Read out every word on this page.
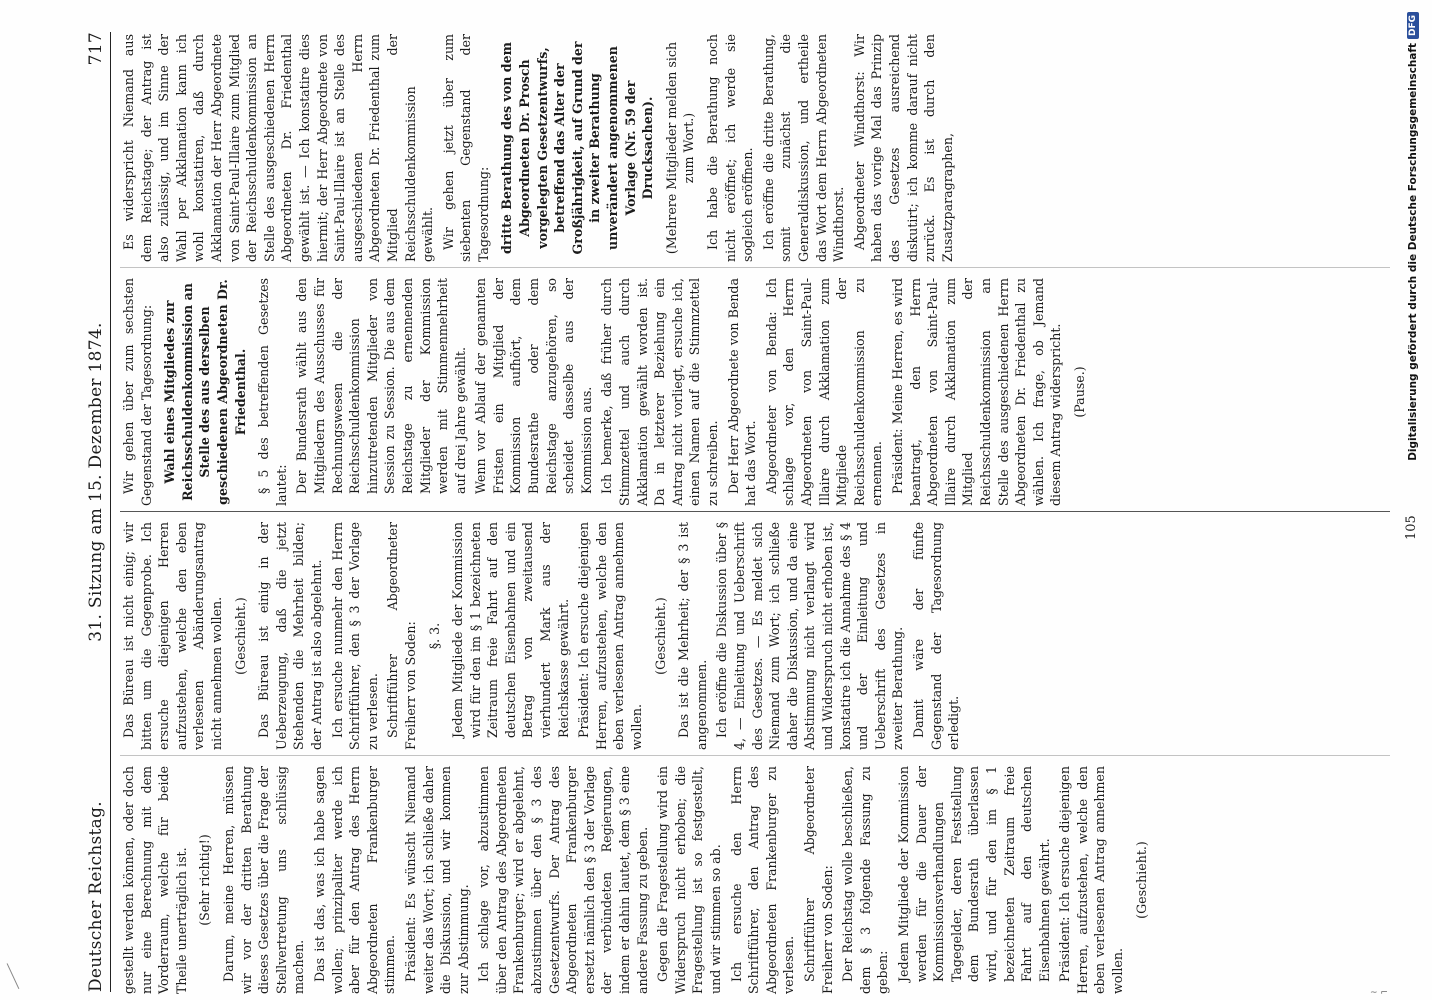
Deutscher Reichstag.
31. Sitzung am 15. Dezember 1874.
717

gestellt werden können, oder doch nur eine Berechnung mit dem Vorderraum, welche für beide Theile unerträglich ist. (Sehr richtig!) Darum, meine Herren, müssen wir vor der dritten Berathung dieses Gesetzes über die Frage der Stellvertretung uns schlüssig machen. Das ist das, was ich habe sagen wollen; prinzipaliter werde ich aber für den Antrag des Herrn Abgeordneten Frankenburger stimmen. Präsident: Es wünscht Niemand weiter das Wort; ich schließe daher die Diskussion, und wir kommen zur Abstimmung. Ich schlage vor, abzustimmen über den Antrag des Abgeordneten Frankenburger; wird er abgelehnt, abzustimmen über den § 3 des Gesetzentwurfs. Der Antrag des Abgeordneten Frankenburger ersetzt nämlich den § 3 der Vorlage der verbündeten Regierungen, indem er dahin lautet, dem § 3 eine andere Fassung zu geben. Gegen die Fragestellung wird ein Widerspruch nicht erhoben; die Fragestellung ist so festgestellt, und wir stimmen so ab. Ich ersuche den Herrn Schriftführer, den Antrag des Abgeordneten Frankenburger zu verlesen. Schriftführer Abgeordneter Freiherr von Soden: Der Reichstag wolle beschließen, dem § 3 folgende Fassung zu geben: Jedem Mitgliede der Kommission werden für die Dauer der Kommissionsverhandlungen Tagegelder, deren Feststellung dem Bundesrath überlassen wird, und für den im § 1 bezeichneten Zeitraum freie Fahrt auf den deutschen Eisenbahnen gewährt. Präsident: Ich ersuche diejenigen Herren, aufzustehen, welche den eben verlesenen Antrag annehmen wollen.

(Geschieht.)

Das Büreau ist nicht einig; wir bitten um die Gegenprobe. Ich ersuche diejenigen Herren aufzustehen, welche den eben verlesenen Abänderungsantrag nicht annehmen wollen. (Geschieht.) Das Büreau ist einig in der Ueberzeugung, daß die jetzt Stehenden die Mehrheit bilden; der Antrag ist also abgelehnt. Ich ersuche nunmehr den Herrn Schriftführer, den § 3 der Vorlage zu verlesen. Schriftführer Abgeordneter Freiherr von Soden: §. 3. Jedem Mitgliede der Kommission wird für den im § 1 bezeichneten Zeitraum freie Fahrt auf den deutschen Eisenbahnen und ein Betrag von zweitausend vierhundert Mark aus der Reichskasse gewährt. Präsident: Ich ersuche diejenigen Herren, aufzustehen, welche den eben verlesenen Antrag annehmen wollen.

(Geschieht.) Das ist die Mehrheit; der § 3 ist angenommen. Ich eröffne die Diskussion über § 4, — Einleitung und Ueberschrift des Gesetzes. — Es meldet sich Niemand zum Wort; ich schließe daher die Diskussion, und da eine Abstimmung nicht verlangt wird und Widerspruch nicht erhoben ist, konstatire ich die Annahme des § 4 und der Einleitung und Ueberschrift des Gesetzes in zweiter Berathung. Damit wäre der fünfte Gegenstand der Tagesordnung erledigt.

Wir gehen über zum sechsten Gegenstand der Tagesordnung: Wahl eines Mitgliedes zur Reichsschuldenkommission an Stelle des aus derselben geschiedenen Abgeordneten Dr. Friedenthal. § 5 des betreffenden Gesetzes lautet: Der Bundesrath wählt aus den Mitgliedern des Ausschusses für Rechnungswesen die der Reichsschuldenkommission hinzutretenden Mitglieder von Session zu Session. Die aus dem Reichstage zu ernennenden Mitglieder der Kommission werden mit Stimmenmehrheit auf drei Jahre gewählt. Wenn vor Ablauf der genannten Fristen ein Mitglied der Kommission aufhört, dem Bundesrathe oder dem Reichstage anzugehören, so scheidet dasselbe aus der Kommission aus. Ich bemerke, daß früher durch Stimmzettel und auch durch Akklamation gewählt worden ist. Da in letzterer Beziehung ein Antrag nicht vorliegt, ersuche ich, einen Namen auf die Stimmzettel zu schreiben. Der Herr Abgeordnete von Benda hat das Wort. Abgeordneter von Benda: Ich schlage vor, den Herrn Abgeordneten von Saint-Paul-Illaire durch Akklamation zum Mitgliede der Reichsschuldenkommission zu ernennen. Präsident: Meine Herren, es wird beantragt, den Herrn Abgeordneten von Saint-Paul-Illaire durch Akklamation zum Mitglied der Reichsschuldenkommission an Stelle des ausgeschiedenen Herrn Abgeordneten Dr. Friedenthal zu wählen. Ich frage, ob Jemand diesem Antrag widerspricht. (Pause.)

Es widerspricht Niemand aus dem Reichstage; der Antrag ist also zulässig, und im Sinne der Wahl per Akklamation kann ich wohl konstatiren, daß durch Akklamation der Herr Abgeordnete von Saint-Paul-Illaire zum Mitglied der Reichsschuldenkommission an Stelle des ausgeschiedenen Herrn Abgeordneten Dr. Friedenthal gewählt ist. — Ich konstatire dies hiermit; der Herr Abgeordnete von Saint-Paul-Illaire ist an Stelle des ausgeschiedenen Herrn Abgeordneten Dr. Friedenthal zum Mitglied der Reichsschuldenkommission gewählt. Wir gehen jetzt über zum siebenten Gegenstand der Tagesordnung: dritte Berathung des von dem Abgeordneten Dr. Prosch vorgelegten Gesetzentwurfs, betreffend das Alter der Großjährigkeit, auf Grund der in zweiter Berathung unverändert angenommenen Vorlage (Nr. 59 der Drucksachen). (Mehrere Mitglieder melden sich zum Wort.) Ich habe die Berathung noch nicht eröffnet; ich werde sie sogleich eröffnen. Ich eröffne die dritte Berathung, somit zunächst die Generaldiskussion, und ertheile das Wort dem Herrn Abgeordneten Windthorst. Abgeordneter Windthorst: Wir haben das vorige Mal das Prinzip des Gesetzes ausreichend diskutirt; ich komme darauf nicht zurück. Es ist durch den Zusatzparagraphen,

105
Digitalisierung gefördert durch die Deutsche Forschungsgemeinschaft
DFG
~ ⌐
